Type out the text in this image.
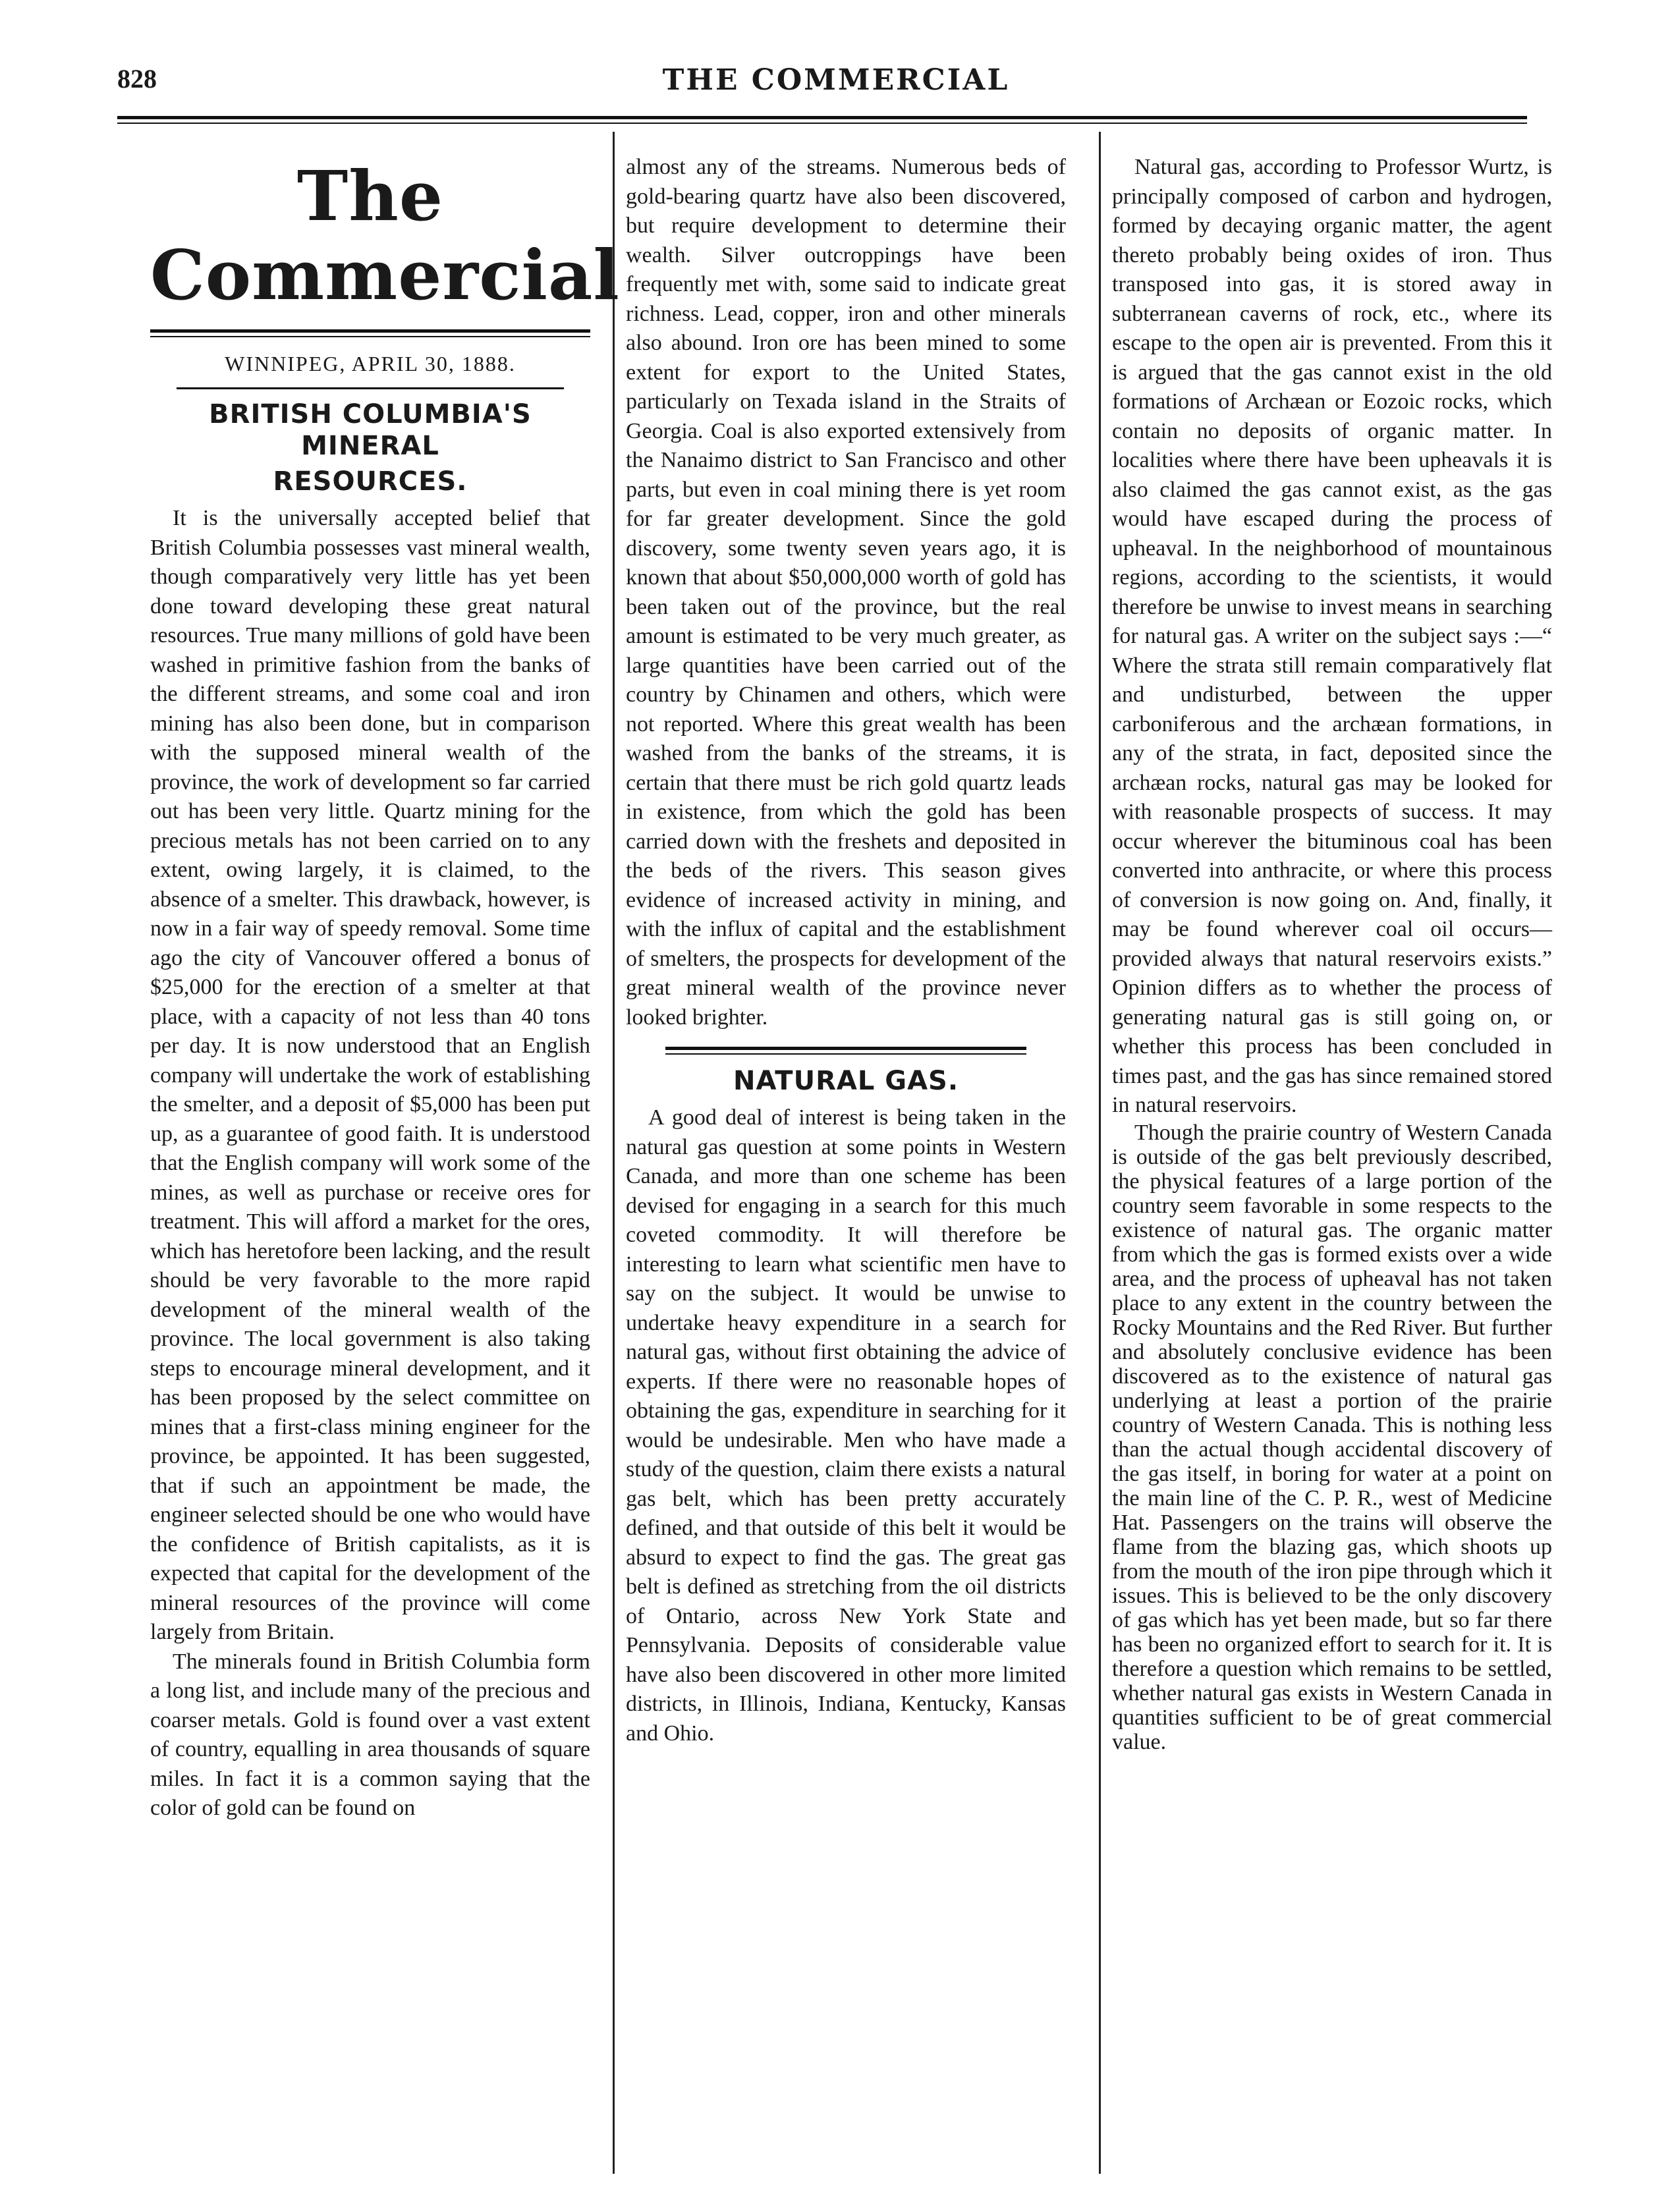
828	THE COMMERCIAL
The Commercial
WINNIPEG, APRIL 30, 1888.
BRITISH COLUMBIA'S MINERAL
RESOURCES.

It is the universally accepted belief that British Columbia possesses vast mineral wealth, though comparatively very little has yet been done toward developing these great natural resources. True many millions of gold have been washed in primitive fashion from the banks of the different streams, and some coal and iron mining has also been done, but in comparison with the supposed mineral wealth of the province, the work of development so far carried out has been very little. Quartz mining for the precious metals has not been carried on to any extent, owing largely, it is claimed, to the absence of a smelter. This drawback, however, is now in a fair way of speedy removal. Some time ago the city of Vancouver offered a bonus of $25,000 for the erection of a smelter at that place, with a capacity of not less than 40 tons per day. It is now understood that an English company will undertake the work of establishing the smelter, and a deposit of $5,000 has been put up, as a guarantee of good faith. It is understood that the English company will work some of the mines, as well as purchase or receive ores for treatment. This will afford a market for the ores, which has heretofore been lacking, and the result should be very favorable to the more rapid development of the mineral wealth of the province. The local government is also taking steps to encourage mineral development, and it has been proposed by the select committee on mines that a first-class mining engineer for the province, be appointed. It has been suggested, that if such an appointment be made, the engineer selected should be one who would have the confidence of British capitalists, as it is expected that capital for the development of the mineral resources of the province will come largely from Britain.

The minerals found in British Columbia form a long list, and include many of the precious and coarser metals. Gold is found over a vast extent of country, equalling in area thousands of square miles. In fact it is a common saying that the color of gold can be found on

almost any of the streams. Numerous beds of gold-bearing quartz have also been discovered, but require development to determine their wealth. Silver outcroppings have been frequently met with, some said to indicate great richness. Lead, copper, iron and other minerals also abound. Iron ore has been mined to some extent for export to the United States, particularly on Texada island in the Straits of Georgia. Coal is also exported extensively from the Nanaimo district to San Francisco and other parts, but even in coal mining there is yet room for far greater development. Since the gold discovery, some twenty seven years ago, it is known that about $50,000,000 worth of gold has been taken out of the province, but the real amount is estimated to be very much greater, as large quantities have been carried out of the country by Chinamen and others, which were not reported. Where this great wealth has been washed from the banks of the streams, it is certain that there must be rich gold quartz leads in existence, from which the gold has been carried down with the freshets and deposited in the beds of the rivers. This season gives evidence of increased activity in mining, and with the influx of capital and the establishment of smelters, the prospects for development of the great mineral wealth of the province never looked brighter.

NATURAL GAS.

A good deal of interest is being taken in the natural gas question at some points in Western Canada, and more than one scheme has been devised for engaging in a search for this much coveted commodity. It will therefore be interesting to learn what scientific men have to say on the subject. It would be unwise to undertake heavy expenditure in a search for natural gas, without first obtaining the advice of experts. If there were no reasonable hopes of obtaining the gas, expenditure in searching for it would be undesirable. Men who have made a study of the question, claim there exists a natural gas belt, which has been pretty accurately defined, and that outside of this belt it would be absurd to expect to find the gas. The great gas belt is defined as stretching from the oil districts of Ontario, across New York State and Pennsylvania. Deposits of considerable value have also been discovered in other more limited districts, in Illinois, Indiana, Kentucky, Kansas and Ohio.

Natural gas, according to Professor Wurtz, is principally composed of carbon and hydrogen, formed by decaying organic matter, the agent thereto probably being oxides of iron. Thus transposed into gas, it is stored away in subterranean caverns of rock, etc., where its escape to the open air is prevented. From this it is argued that the gas cannot exist in the old formations of Archæan or Eozoic rocks, which contain no deposits of organic matter. In localities where there have been upheavals it is also claimed the gas cannot exist, as the gas would have escaped during the process of upheaval. In the neighborhood of mountainous regions, according to the scientists, it would therefore be unwise to invest means in searching for natural gas. A writer on the subject says :—“ Where the strata still remain comparatively flat and undisturbed, between the upper carboniferous and the archæan formations, in any of the strata, in fact, deposited since the archæan rocks, natural gas may be looked for with reasonable prospects of success. It may occur wherever the bituminous coal has been converted into anthracite, or where this process of conversion is now going on. And, finally, it may be found wherever coal oil occurs—provided always that natural reservoirs exists.” Opinion differs as to whether the process of generating natural gas is still going on, or whether this process has been concluded in times past, and the gas has since remained stored in natural reservoirs.

Though the prairie country of Western Canada is outside of the gas belt previously described, the physical features of a large portion of the country seem favorable in some respects to the existence of natural gas. The organic matter from which the gas is formed exists over a wide area, and the process of upheaval has not taken place to any extent in the country between the Rocky Mountains and the Red River. But further and absolutely conclusive evidence has been discovered as to the existence of natural gas underlying at least a portion of the prairie country of Western Canada. This is nothing less than the actual though accidental discovery of the gas itself, in boring for water at a point on the main line of the C. P. R., west of Medicine Hat. Passengers on the trains will observe the flame from the blazing gas, which shoots up from the mouth of the iron pipe through which it issues. This is believed to be the only discovery of gas which has yet been made, but so far there has been no organized effort to search for it. It is therefore a question which remains to be settled, whether natural gas exists in Western Canada in quantities sufficient to be of great commercial value.
